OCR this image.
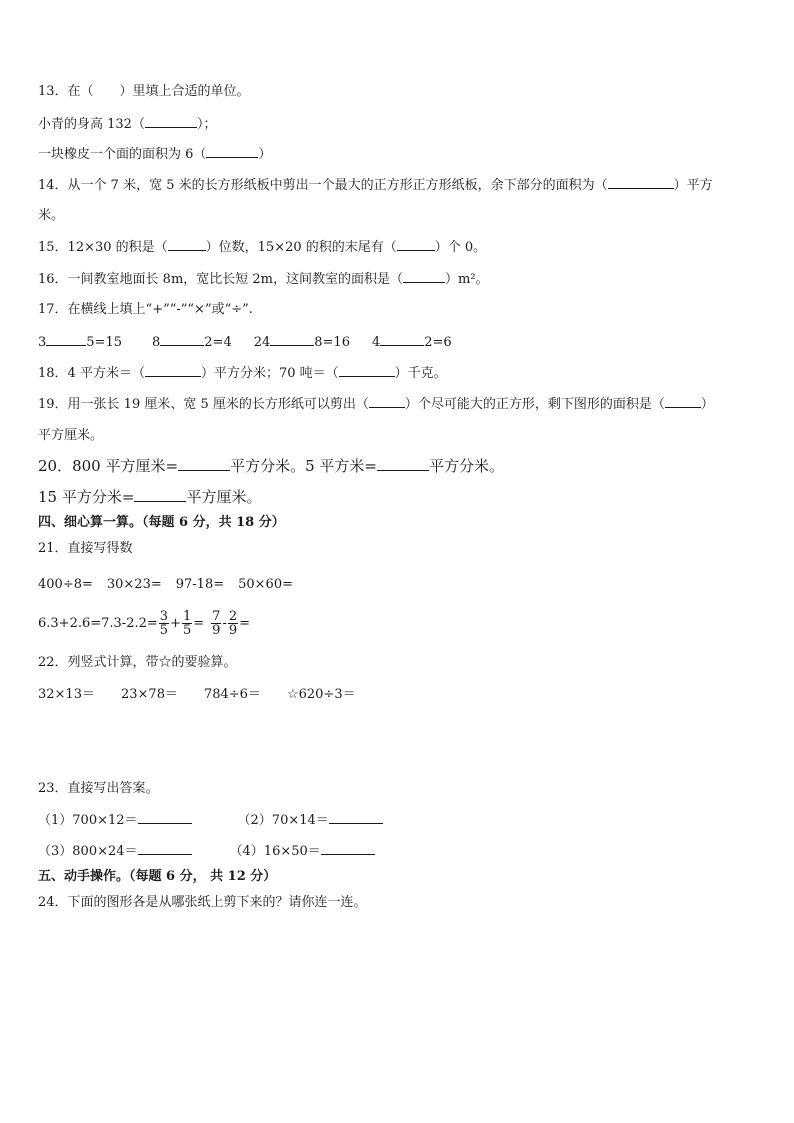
13．在（　　）里填上合适的单位。
小青的身高 132（	）；
一块橡皮一个面的面积为 6（	）
14．从一个 7 米，宽 5 米的长方形纸板中剪出一个最大的正方形正方形纸板，余下部分的面积为（	）平方
米。
15．12×30 的积是（	）位数，15×20 的积的末尾有（	）个 0。
16．一间教室地面长 8m，宽比长短 2m，这间教室的面积是（	）m²。
17．在横线上填上“+”“-”“×”或“÷”.
3	5=15 8	2=4 24	8=16 4	2=6
18．4 平方米＝（	）平方分米；70 吨＝（	）千克。
19．用一张长 19 厘米、宽 5 厘米的长方形纸可以剪出（	）个尽可能大的正方形，剩下图形的面积是（	）
平方厘米。
20．800 平方厘米=	平方分米。5 平方米=	平方分米。
15 平方分米=	平方厘米。
四、细心算一算。（每题 6 分，共 18 分）
21．直接写得数
400÷8= 30×23= 97-18= 50×60=
$6.3+2.6=7.3-2.2= \frac{3}{5} + \frac{1}{5} = \frac{7}{9} - \frac{2}{9}$ =
22．列竖式计算，带☆的要验算。
32×13＝ 23×78＝ 784÷6＝ ☆620÷3＝
23．直接写出答案。
（1）700×12＝	（2）70×14＝
（3）800×24＝	（4）16×50＝
五、动手操作。（每题 6 分， 共 12 分）
24．下面的图形各是从哪张纸上剪下来的？请你连一连。
